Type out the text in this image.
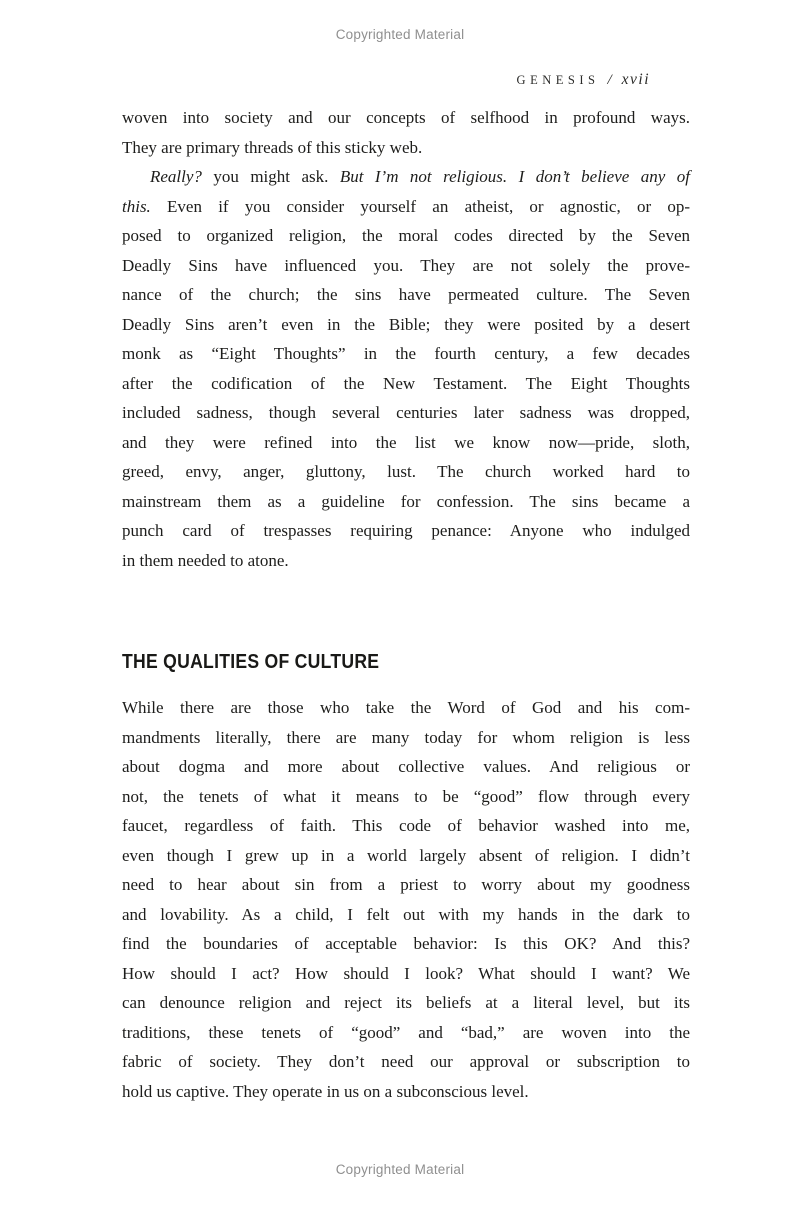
Copyrighted Material
GENESIS / xvii
woven into society and our concepts of selfhood in profound ways.
They are primary threads of this sticky web.
Really? you might ask. But I’m not religious. I don’t believe any of
this. Even if you consider yourself an atheist, or agnostic, or op-
posed to organized religion, the moral codes directed by the Seven
Deadly Sins have influenced you. They are not solely the prove-
nance of the church; the sins have permeated culture. The Seven
Deadly Sins aren’t even in the Bible; they were posited by a desert
monk as “Eight Thoughts” in the fourth century, a few decades
after the codification of the New Testament. The Eight Thoughts
included sadness, though several centuries later sadness was dropped,
and they were refined into the list we know now—pride, sloth,
greed, envy, anger, gluttony, lust. The church worked hard to
mainstream them as a guideline for confession. The sins became a
punch card of trespasses requiring penance: Anyone who indulged
in them needed to atone.
THE QUALITIES OF CULTURE
While there are those who take the Word of God and his com-
mandments literally, there are many today for whom religion is less
about dogma and more about collective values. And religious or
not, the tenets of what it means to be “good” flow through every
faucet, regardless of faith. This code of behavior washed into me,
even though I grew up in a world largely absent of religion. I didn’t
need to hear about sin from a priest to worry about my goodness
and lovability. As a child, I felt out with my hands in the dark to
find the boundaries of acceptable behavior: Is this OK? And this?
How should I act? How should I look? What should I want? We
can denounce religion and reject its beliefs at a literal level, but its
traditions, these tenets of “good” and “bad,” are woven into the
fabric of society. They don’t need our approval or subscription to
hold us captive. They operate in us on a subconscious level.
Copyrighted Material
